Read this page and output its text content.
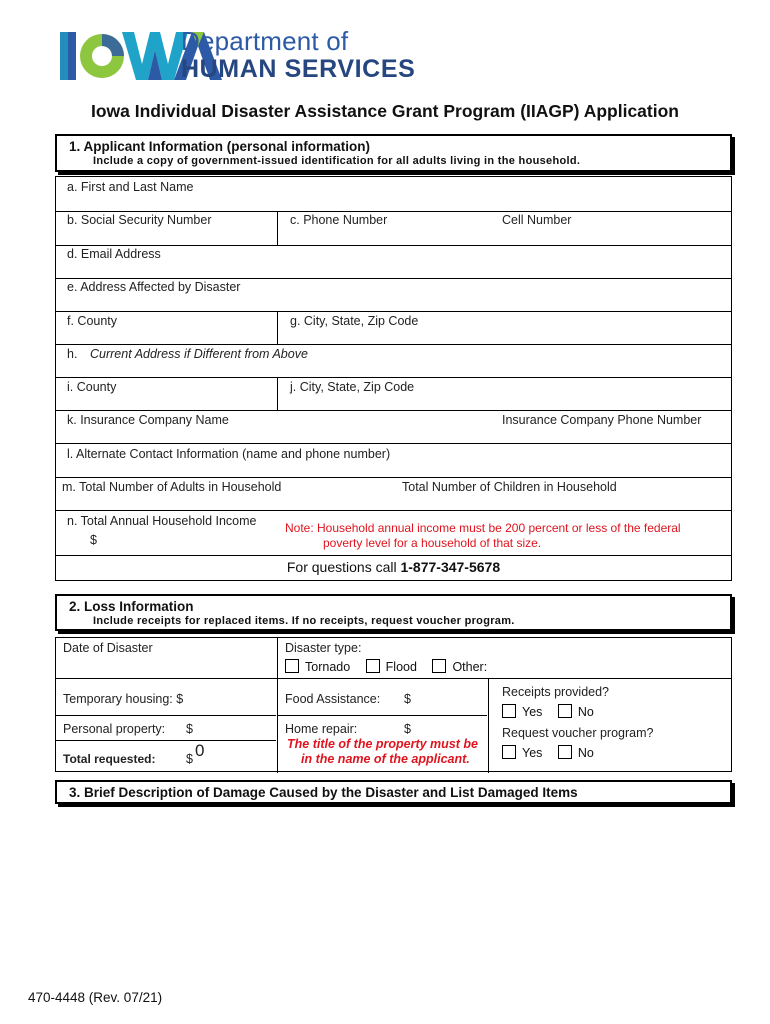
Department of
HUMAN SERVICES
Iowa Individual Disaster Assistance Grant Program (IIAGP) Application
1. Applicant Information (personal information)
Include a copy of government-issued identification for all adults living in the household.
a. First and Last Name
b. Social Security Number	c. Phone Number	Cell Number
d. Email Address
e. Address Affected by Disaster
f. County	g. City, State, Zip Code
h. Current Address if Different from Above
i. County	j. City, State, Zip Code
k. Insurance Company Name	Insurance Company Phone Number
l. Alternate Contact Information (name and phone number)
m. Total Number of Adults in Household	Total Number of Children in Household
n. Total Annual Household Income
$
Note: Household annual income must be 200 percent or less of the federal
poverty level for a household of that size.
For questions call 1-877-347-5678
2. Loss Information
Include receipts for replaced items. If no receipts, request voucher program.
Date of Disaster	Disaster type:
Tornado	Flood	Other:
Temporary housing: $	Food Assistance: $	Receipts provided?
Yes	No
Personal property: $	Home repair:	$	Request voucher program?
Yes	No
Total requested: $ 0	The title of the property must be
in the name of the applicant.
3. Brief Description of Damage Caused by the Disaster and List Damaged Items
470-4448 (Rev. 07/21)
